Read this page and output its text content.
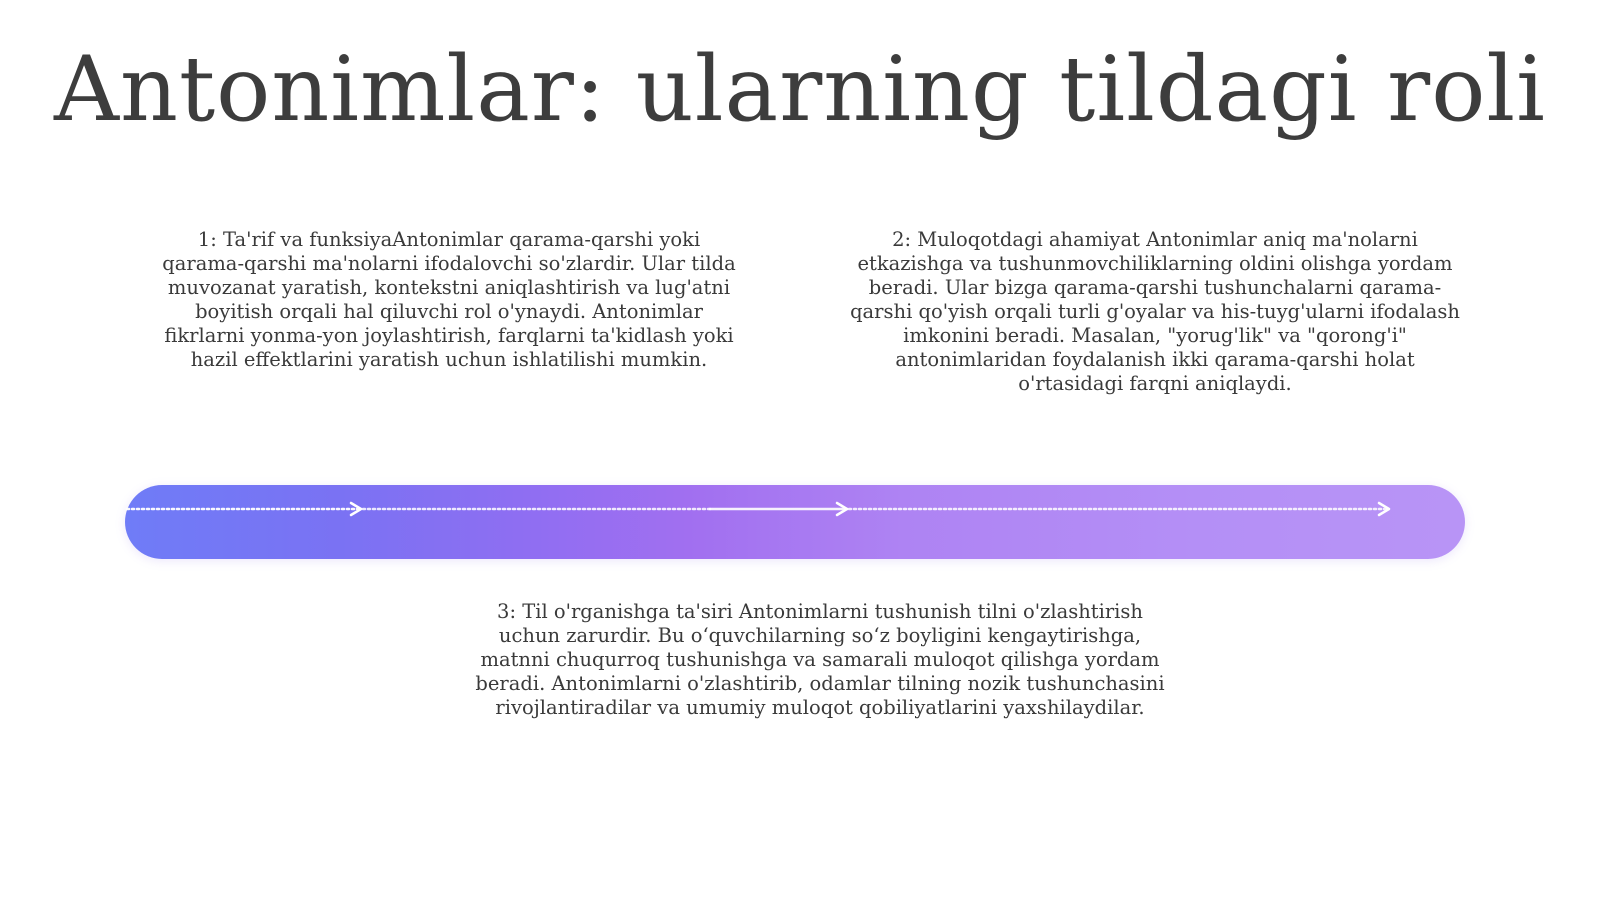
Antonimlar: ularning tildagi roli

1: Ta'rif va funksiyaAntonimlar qarama-qarshi yoki qarama-qarshi ma'nolarni ifodalovchi so'zlardir. Ular tilda muvozanat yaratish, kontekstni aniqlashtirish va lug'atni boyitish orqali hal qiluvchi rol o'ynaydi. Antonimlar fikrlarni yonma-yon joylashtirish, farqlarni ta'kidlash yoki hazil effektlarini yaratish uchun ishlatilishi mumkin.

2: Muloqotdagi ahamiyat Antonimlar aniq ma'nolarni etkazishga va tushunmovchiliklarning oldini olishga yordam beradi. Ular bizga qarama-qarshi tushunchalarni qarama-qarshi qo'yish orqali turli g'oyalar va his-tuyg'ularni ifodalash imkonini beradi. Masalan, "yorug'lik" va "qorong'i" antonimlaridan foydalanish ikki qarama-qarshi holat o'rtasidagi farqni aniqlaydi.

3: Til o'rganishga ta'siri Antonimlarni tushunish tilni o'zlashtirish uchun zarurdir. Bu o‘quvchilarning so‘z boyligini kengaytirishga, matnni chuqurroq tushunishga va samarali muloqot qilishga yordam beradi. Antonimlarni o'zlashtirib, odamlar tilning nozik tushunchasini rivojlantiradilar va umumiy muloqot qobiliyatlarini yaxshilaydilar.
